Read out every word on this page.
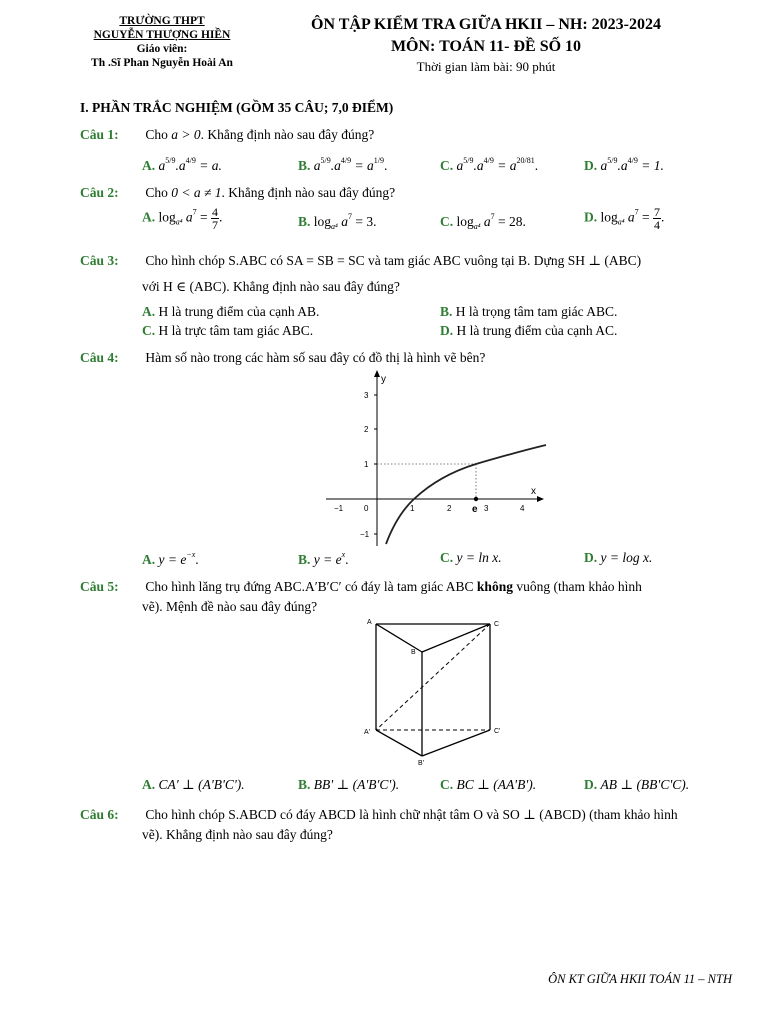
TRƯỜNG THPT
NGUYỄN THƯỢNG HIỀN
Giáo viên:
Th .Sĩ Phan Nguyễn Hoài An
ÔN TẬP KIỂM TRA GIỮA HKII – NH: 2023-2024
MÔN: TOÁN 11- ĐỀ SỐ 10
Thời gian làm bài: 90 phút
I. PHẦN TRẮC NGHIỆM (GỒM 35 CÂU; 7,0 ĐIỂM)
Câu 1: Cho a > 0. Khẳng định nào sau đây đúng?
A. $a^{5/9}.a^{4/9} = a$.	B. $a^{5/9}.a^{4/9} = a^{1/9}$.	C. $a^{5/9}.a^{4/9} = a^{20/81}$.	D. $a^{5/9}.a^{4/9} = 1$.
Câu 2: Cho 0 < a ≠ 1. Khẳng định nào sau đây đúng?
A. $\log_{a^4} a^7 = \frac{4}{7}$ .	B. $\log_{a^4} a^7 = 3$.	C. $\log_{a^4} a^7 = 28$.	D. $\log_{a^4} a^7 = \frac{7}{4}$ .
Câu 3: Cho hình chóp S.ABC có SA = SB = SC và tam giác ABC vuông tại B. Dựng SH ⊥ (ABC)
với H ∈ (ABC). Khẳng định nào sau đây đúng?
A. H là trung điểm của cạnh AB.	B. H là trọng tâm tam giác ABC.
C. H là trực tâm tam giác ABC.	D. H là trung điểm của cạnh AC.
Câu 4: Hàm số nào trong các hàm số sau đây có đồ thị là hình vẽ bên?
x
y
3
2
1
−1
−1	0	1	2	3	4
e
A. $y = e^{-x}$.	B. $y = e^x$.	C. y = ln x.	D. y = log x.
Câu 5: Cho hình lăng trụ đứng ABC.A′B′C′ có đáy là tam giác ABC không vuông (tham khảo hình
vẽ). Mệnh đề nào sau đây đúng?
A
B
C
A'
B'
C'
A. CA' ⊥ (A'B'C').	B. BB' ⊥ (A'B'C').	C. BC ⊥ (AA'B').	D. AB ⊥ (BB'C'C).
Câu 6: Cho hình chóp S.ABCD có đáy ABCD là hình chữ nhật tâm O và SO ⊥ (ABCD) (tham khảo hình
vẽ). Khẳng định nào sau đây đúng?
ÔN KT GIỮA HKII TOÁN 11 – NTH
